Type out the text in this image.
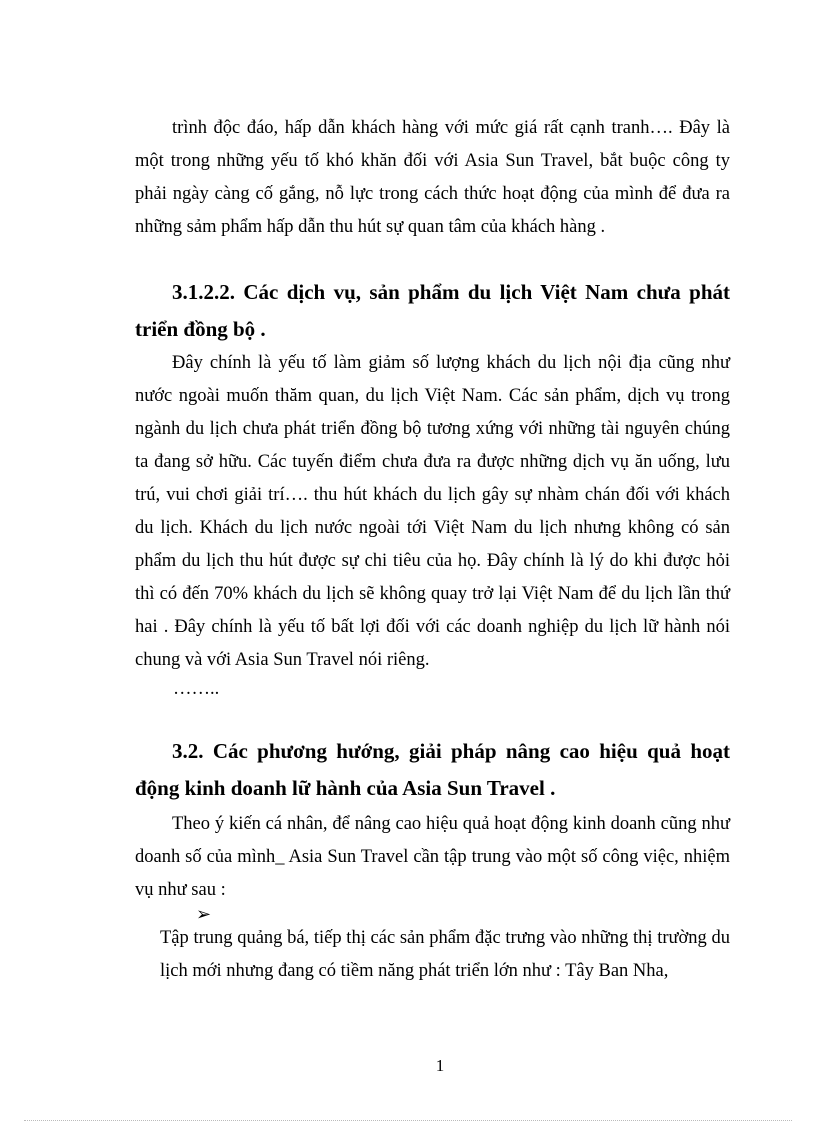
trình độc đáo, hấp dẫn khách hàng với mức giá rất cạnh tranh…. Đây là một trong những yếu tố khó khăn đối với Asia Sun Travel, bắt buộc công ty phải ngày càng cố gắng, nỗ lực trong cách thức hoạt động của mình để đưa ra những sảm phẩm hấp dẫn thu hút sự quan tâm của khách hàng .

3.1.2.2. Các dịch vụ, sản phẩm du lịch Việt Nam chưa phát triển đồng bộ .

Đây chính là yếu tố làm giảm số lượng khách du lịch nội địa cũng như nước ngoài muốn thăm quan, du lịch Việt Nam. Các sản phẩm, dịch vụ trong ngành du lịch chưa phát triển đồng bộ tương xứng với những tài nguyên chúng ta đang sở hữu. Các tuyến điểm chưa đưa ra được những dịch vụ ăn uống, lưu trú, vui chơi giải trí…. thu hút khách du lịch gây sự nhàm chán đối với khách du lịch. Khách du lịch nước ngoài tới Việt Nam du lịch nhưng không có sản phẩm du lịch thu hút được sự chi tiêu của họ. Đây chính là lý do khi được hỏi thì có đến 70% khách du lịch sẽ không quay trở lại Việt Nam để du lịch lần thứ hai . Đây chính là yếu tố bất lợi đối với các doanh nghiệp du lịch lữ hành nói chung và với Asia Sun Travel nói riêng.

……..

3.2. Các phương hướng, giải pháp nâng cao hiệu quả hoạt động kinh doanh lữ hành của Asia Sun Travel .

Theo ý kiến cá nhân, để nâng cao hiệu quả hoạt động kinh doanh cũng như doanh số của mình_ Asia Sun Travel cần tập trung vào một số công việc, nhiệm vụ như sau :

➢

Tập trung quảng bá, tiếp thị các sản phẩm đặc trưng vào những thị trường du lịch mới nhưng đang có tiềm năng phát triển lớn như : Tây Ban Nha,

1
